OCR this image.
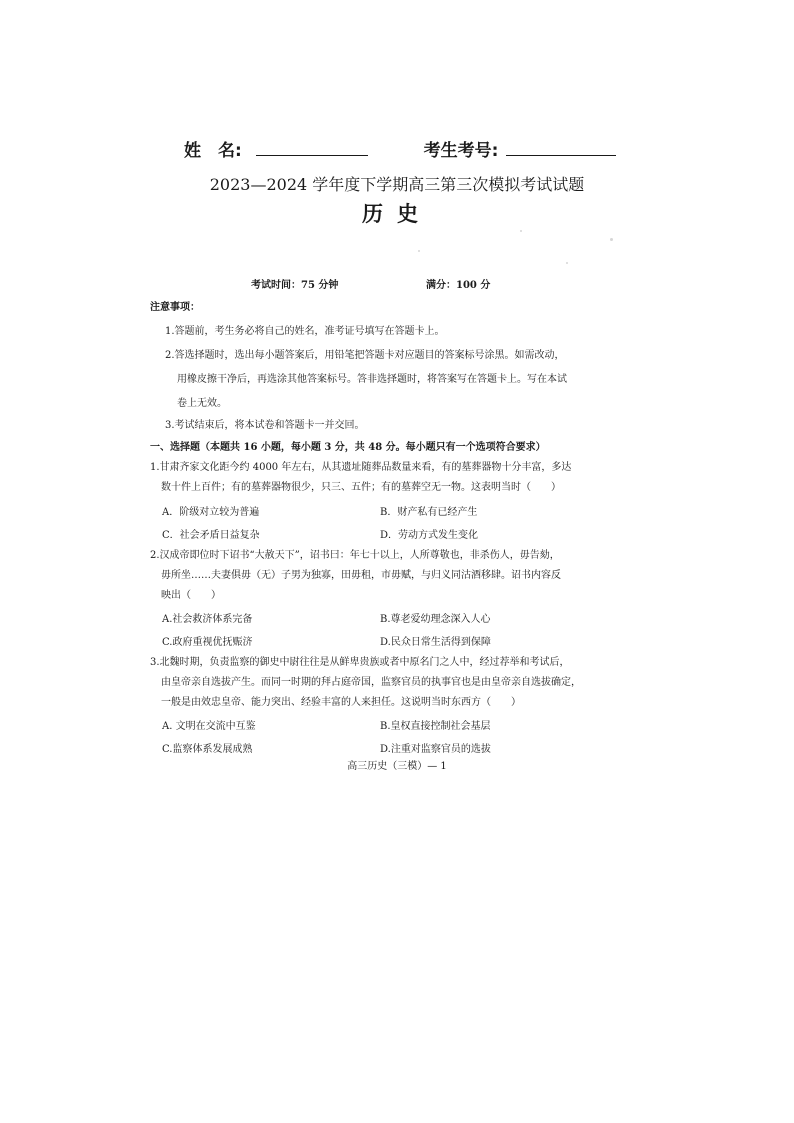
姓　名:	考生考号:
2023—2024 学年度下学期高三第三次模拟考试试题
历史
考试时间：75 分钟	满分：100 分
注意事项：
1.答题前，考生务必将自己的姓名，准考证号填写在答题卡上。
2.答选择题时，选出每小题答案后，用铅笔把答题卡对应题目的答案标号涂黑。如需改动，
用橡皮擦干净后，再选涂其他答案标号。答非选择题时，将答案写在答题卡上。写在本试
卷上无效。
3.考试结束后，将本试卷和答题卡一并交回。
一、选择题（本题共 16 小题，每小题 3 分，共 48 分。每小题只有一个选项符合要求）
1.甘肃齐家文化距今约 4000 年左右，从其遗址随葬品数量来看，有的墓葬器物十分丰富，多达
数十件上百件；有的墓葬器物很少，只三、五件；有的墓葬空无一物。这表明当时（　　）
A．阶级对立较为普遍	B．财产私有已经产生
C．社会矛盾日益复杂	D．劳动方式发生变化
2.汉成帝即位时下诏书“大赦天下”，诏书曰：年七十以上，人所尊敬也，非杀伤人，毋告劾，
毋所坐……夫妻俱毋（无）子男为独寡，田毋租，市毋赋，与归义同沽酒移肆。诏书内容反
映出（　　）
A.社会救济体系完备	B.尊老爱幼理念深入人心
C.政府重视优抚赈济	D.民众日常生活得到保障
3.北魏时期，负责监察的御史中尉往往是从鲜卑贵族或者中原名门之人中，经过荐举和考试后，
由皇帝亲自选拔产生。而同一时期的拜占庭帝国，监察官员的执事官也是由皇帝亲自选拔确定，
一般是由效忠皇帝、能力突出、经验丰富的人来担任。这说明当时东西方（　　）
A. 文明在交流中互鉴	B.皇权直接控制社会基层
C.监察体系发展成熟	D.注重对监察官员的选拔
高三历史（三模）— 1
